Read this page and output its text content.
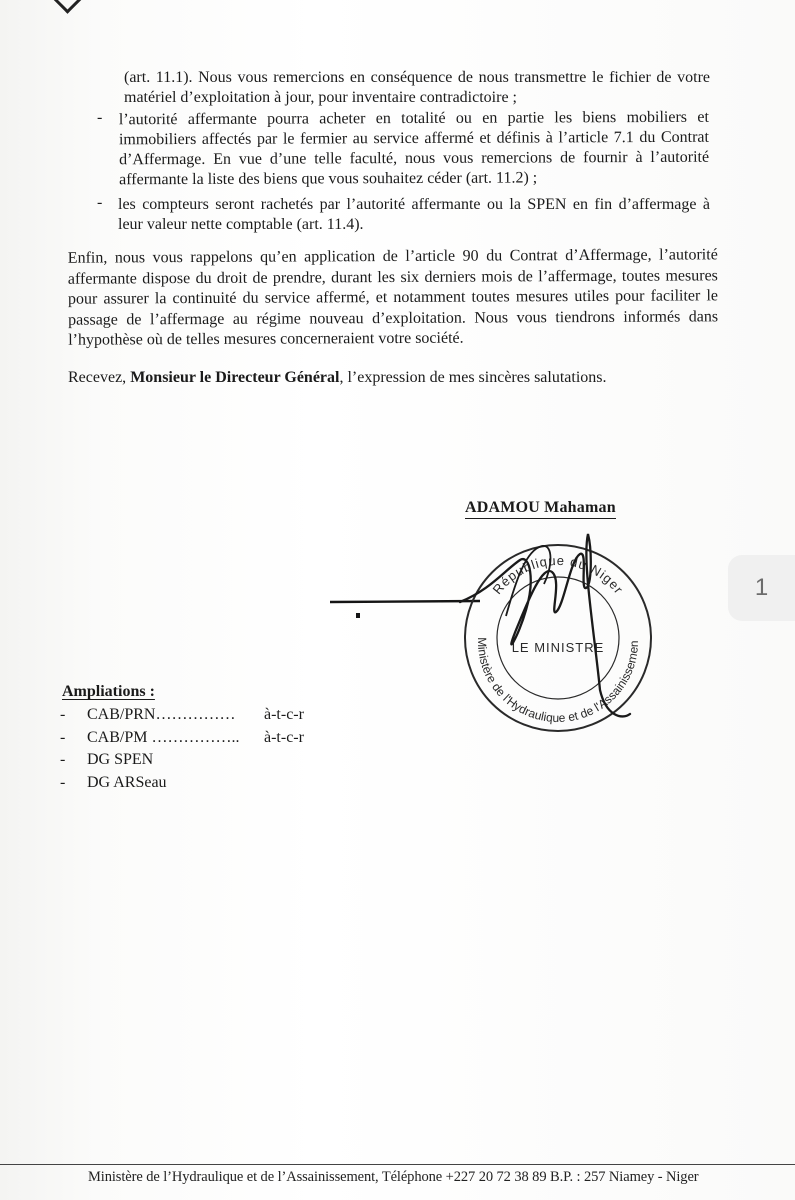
(art. 11.1). Nous vous remercions en conséquence de nous transmettre le fichier de votre
matériel d’exploitation à jour, pour inventaire contradictoire ;
- l’autorité affermante pourra acheter en totalité ou en partie les biens mobiliers et
immobiliers affectés par le fermier au service affermé et définis à l’article 7.1 du Contrat
d’Affermage. En vue d’une telle faculté, nous vous remercions de fournir à l’autorité
affermante la liste des biens que vous souhaitez céder (art. 11.2) ;
- les compteurs seront rachetés par l’autorité affermante ou la SPEN en fin d’affermage à
leur valeur nette comptable (art. 11.4).
Enfin, nous vous rappelons qu’en application de l’article 90 du Contrat d’Affermage, l’autorité
affermante dispose du droit de prendre, durant les six derniers mois de l’affermage, toutes mesures
pour assurer la continuité du service affermé, et notamment toutes mesures utiles pour faciliter le
passage de l’affermage au régime nouveau d’exploitation. Nous vous tiendrons informés dans
l’hypothèse où de telles mesures concerneraient votre société.
Recevez, Monsieur le Directeur Général, l’expression de mes sincères salutations.
ADAMOU Mahaman
République du Niger
Ministère de l'Hydraulique et de l'Assainissemen
LE MINISTRE
Ampliations :
- CAB/PRN…………… à-t-c-r
- CAB/PM …………….. à-t-c-r
- DG SPEN
- DG ARSeau
1
Ministère de l’Hydraulique et de l’Assainissement, Téléphone +227 20 72 38 89 B.P. : 257 Niamey - Niger
